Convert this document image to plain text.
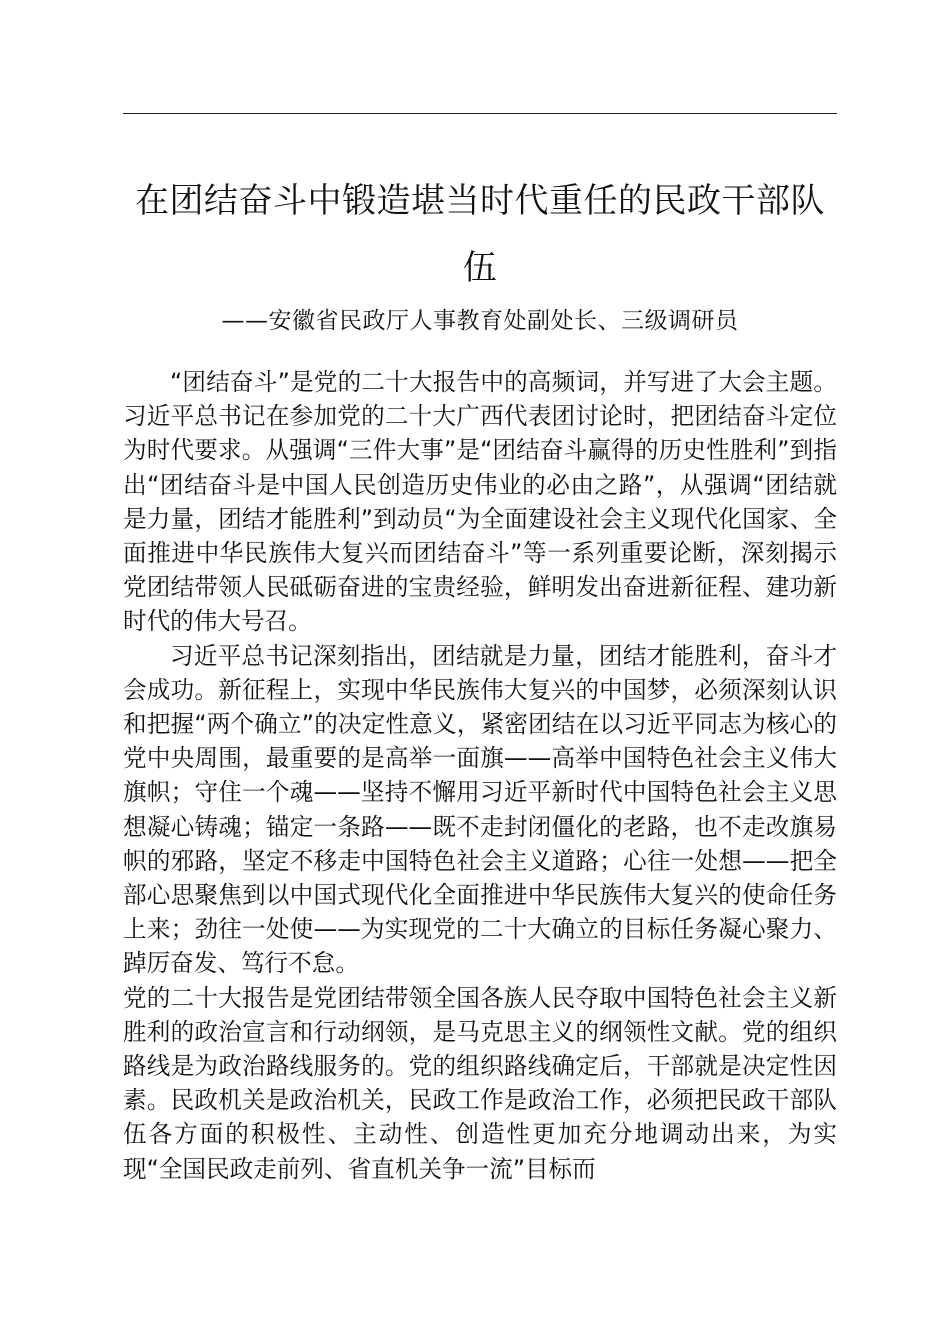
在团结奋斗中锻造堪当时代重任的民政干部队伍
——安徽省民政厅人事教育处副处长、三级调研员

“团结奋斗”是党的二十大报告中的高频词，并写进了大会主题。习近平总书记在参加党的二十大广西代表团讨论时，把团结奋斗定位为时代要求。从强调“三件大事”是“团结奋斗赢得的历史性胜利”到指出“团结奋斗是中国人民创造历史伟业的必由之路”，从强调“团结就是力量，团结才能胜利”到动员“为全面建设社会主义现代化国家、全面推进中华民族伟大复兴而团结奋斗”等一系列重要论断，深刻揭示党团结带领人民砥砺奋进的宝贵经验，鲜明发出奋进新征程、建功新时代的伟大号召。

习近平总书记深刻指出，团结就是力量，团结才能胜利，奋斗才会成功。新征程上，实现中华民族伟大复兴的中国梦，必须深刻认识和把握“两个确立”的决定性意义，紧密团结在以习近平同志为核心的党中央周围，最重要的是高举一面旗——高举中国特色社会主义伟大旗帜；守住一个魂——坚持不懈用习近平新时代中国特色社会主义思想凝心铸魂；锚定一条路——既不走封闭僵化的老路，也不走改旗易帜的邪路，坚定不移走中国特色社会主义道路；心往一处想——把全部心思聚焦到以中国式现代化全面推进中华民族伟大复兴的使命任务上来；劲往一处使——为实现党的二十大确立的目标任务凝心聚力、踔厉奋发、笃行不怠。

党的二十大报告是党团结带领全国各族人民夺取中国特色社会主义新胜利的政治宣言和行动纲领，是马克思主义的纲领性文献。党的组织路线是为政治路线服务的。党的组织路线确定后，干部就是决定性因素。民政机关是政治机关，民政工作是政治工作，必须把民政干部队伍各方面的积极性、主动性、创造性更加充分地调动出来，为实现“全国民政走前列、省直机关争一流”目标而
